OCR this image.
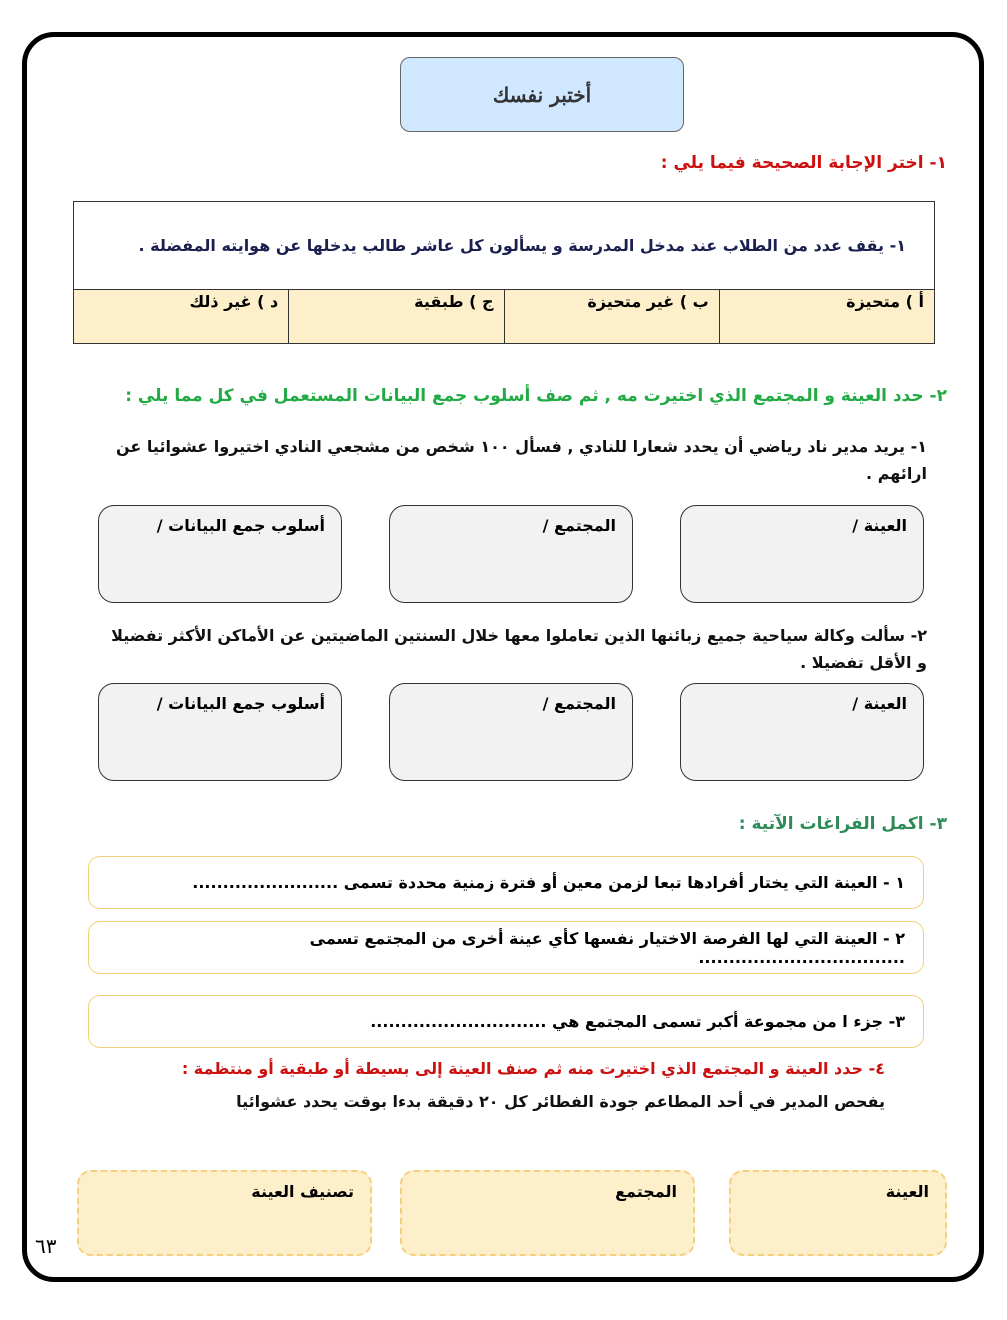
أختبر نفسك
١- اختر الإجابة الصحيحة فيما يلي :
١- يقف عدد من الطلاب عند مدخل المدرسة و يسألون كل عاشر طالب يدخلها عن هوايته المفضلة .
أ ) متحيزة
ب ) غير متحيزة
ج ) طبقية
د ) غير ذلك
٢- حدد العينة و المجتمع الذي اختيرت مه , ثم صف أسلوب جمع البيانات المستعمل في كل مما يلي :
١- يريد مدير ناد رياضي أن يحدد شعارا للنادي , فسأل ١٠٠ شخص من مشجعي النادي اختيروا عشوائيا عن ارائهم .
العينة /
المجتمع /
أسلوب جمع البيانات /
٢- سألت وكالة سياحية جميع زبائنها الذين تعاملوا معها خلال السنتين الماضيتين عن الأماكن الأكثر تفضيلا و الأقل تفضيلا .
العينة /
المجتمع /
أسلوب جمع البيانات /
٣- اكمل الفراغات الآتية :
١ - العينة التي يختار أفرادها تبعا لزمن معين أو فترة زمنية محددة تسمى ........................
٢ - العينة التي لها الفرصة الاختيار نفسها كأي عينة أخرى من المجتمع تسمى ..................................
٣- جزء ا من مجموعة أكبر تسمى المجتمع هي .............................
٤- حدد العينة و المجتمع الذي اختيرت منه ثم صنف العينة إلى بسيطة أو طبقية أو منتظمة :
يفحص المدير في أحد المطاعم جودة الفطائر كل ٢٠ دقيقة بدءا بوقت يحدد عشوائيا
العينة
المجتمع
تصنيف العينة
٦٣
